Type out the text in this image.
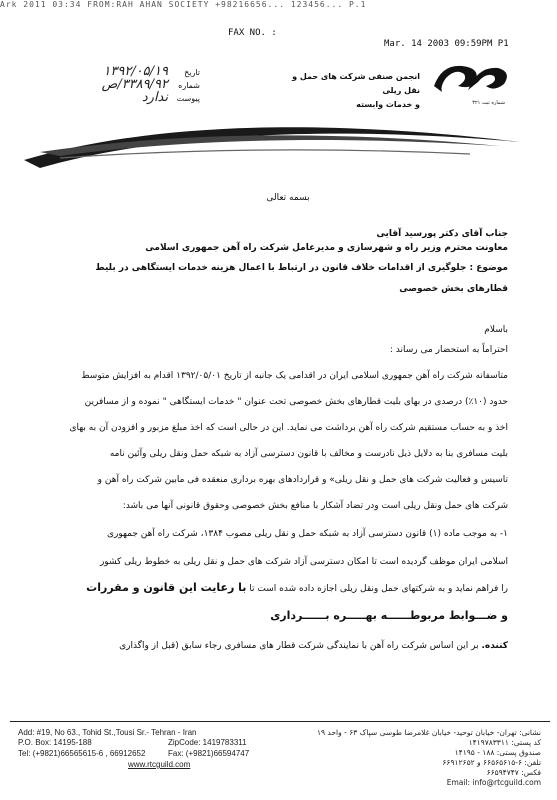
Ark 2011 03:34 FROM:RAH AHAN SOCIETY +98216656... 123456... P.1
FAX NO. :
Mar. 14 2003 09:59PM P1
۱۳۹۲/۰۵/۱۹	تاریخ
۳۳۸۹/۹۲/ص	شماره
ندارد	پیوست
انجمن صنفی شرکت های حمل و نقل ریلی
و خدمات وابسته	شماره ثبت ۳۲۱
بسمه تعالی
جناب آقای دکتر پورسید آقایی
معاونت محترم وزیر راه و شهرسازی و مدیرعامل شرکت راه آهن جمهوری اسلامی
موضوع : جلوگیری از اقدامات خلاف قانون در ارتباط با اعمال هزینه خدمات ایستگاهی در بلیط
قطارهای بخش خصوصی
باسلام
احتراماً به استحضار می رساند :
متاسفانه شرکت راه آهن جمهوری اسلامی ایران در اقدامی یک جانبه از تاریخ ۱۳۹۲/۰۵/۰۱ اقدام به افزایش متوسط
حدود (۱۰٪) درصدی در بهای بلیت قطارهای بخش خصوصی تحت عنوان " خدمات ایستگاهی " نموده و از مسافرین
اخذ و به حساب مستقیم شرکت راه آهن برداشت می نماید. این در حالی است که اخذ مبلغ مزبور و افزودن آن به بهای
بلیت مسافری بنا به دلایل ذیل نادرست و مخالف با قانون دسترسی آزاد به شبکه حمل ونقل ریلی وآئین نامه
تاسیس و فعالیت شرکت های حمل و نقل ریلی» و قراردادهای بهره برداری منعقده فی مابین شرکت راه آهن و
شرکت های حمل ونقل ریلی است ودر تضاد آشکار با منافع بخش خصوصی وحقوق قانونی آنها می باشد:
۱- به موجب ماده (۱) قانون دسترسی آزاد به شبکه حمل و نقل ریلی مصوب ۱۳۸۴، شرکت راه آهن جمهوری
اسلامی ایران موظف گردیده است تا امکان دسترسی آزاد شرکت های حمل و نقل ریلی به خطوط ریلی کشور
را فراهم نماید و به شرکتهای حمل ونقل ریلی اجازه داده شده است تا با رعایت این قانون و مقررات
و ضـــوابط مربوطــــــه بهـــــره بــــــرداری
کننده. بر این اساس شرکت راه آهن با نمایندگی شرکت قطار های مسافری رجاء سابق (قبل از واگذاری
Add: #19, No 63., Tohid St.,Tousi Sr.- Tehran - Iran
P.O. Box: 14195-188	ZipCode: 1419783311
Tel: (+9821)66565615-6 , 66912652	Fax: (+9821)66594747
www.rtcguild.com
نشانی: تهران- خیابان توحید- خیابان غلامرضا طوسی سپاک ۶۳ - واحد ۱۹
کد پستی: ۱۴۱۹۷۸۳۳۱۱
صندوق پستی: ۱۸۸ - ۱۴۱۹۵
تلفن: ۶-۶۶۵۶۵۶۱۵ و ۶۶۹۱۲۶۵۲
فکس: ۶۶۵۹۴۷۴۷
Email: info@rtcguild.com
